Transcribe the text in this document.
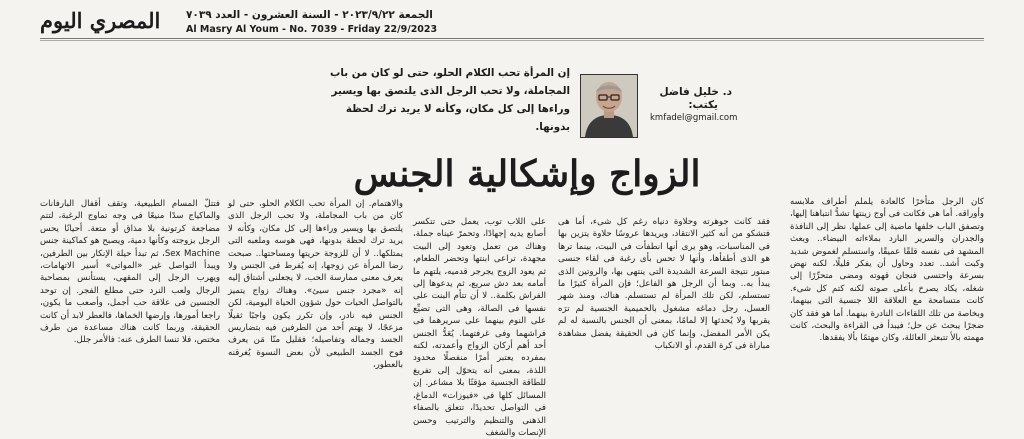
المصري اليوم	الجمعة ٢٠٢٣/٩/٢٢ - السنة العشرون - العدد ٧٠٣٩
Al Masry Al Youm - No. 7039 - Friday 22/9/2023
إن المرأة تحب الكلام الحلو، حتى لو كان من باب المجاملة، ولا تحب الرجل الذى يلتصق بها ويسير وراءها إلى كل مكان، وكأنه لا يريد ترك لحظة بدونها.
د. خليل فاضل
يكتب:
kmfadel@gmail.com
الزواج وإشكالية الجنس

كان الرجل متأخرًا كالعادة يلملم أطراف ملابسه وأوراقه. أما هى فكانت فى أوج زينتها تشدُّ انتباهنا إليها، وتصفق الباب خلفها ماضية إلى عملها. نظر إلى النافذة والجدران والسرير البارد بملاءاته البيضاء.. وبعث المشهد فى نفسه قلقًا عميقًا، واستسلم لغموض شديد وكبت أشد.. تعدد وحاول أن يفكر قليلًا، لكنه نهض بسرعة واحتسى فنجان قهوته ومضى متحرِّرًا إلى شغله، يكاد يصرخ بأعلى صوته لكنه كتم كل شىء. كانت متسامحة مع العلاقة اللا جنسية التى بينهما، وبخاصة من تلك اللقاءات النادرة بينهما. أما هو فقد كان ضجرًا يبحث عن حل؛ فيبدأ فى القراءة والبحث، كانت مهمته بالأ تتبعثر العائلة، وكان مهتمًا بألا يفقدها.

فقد كانت جوهرته وحلاوة دنياه رغم كل شىء، أما هى فتشكو من أنه كثير الانتقاد، ويريدها عروسًا حلاوة يتزين بها فى المناسبات، وهو يرى أنها انطفأت فى البيت، بينما ترها هو الذى أطفأها، وأنها لا تحس بأى رغبة فى لقاء جنسى مبتور نتيجة السرعة الشديدة التى ينتهى بها، والروتين الذى يبدأ به.. وبما أن الرجل هو الفاعل؛ فإن المرأة كثيرًا ما تستسلم، لكن تلك المرأة لم تستسلم. هناك، ومنذ شهر العسل، رجل دماغه مشغول بالحميمية الجنسية لم ترَه يقربها ولا يُحدثها إلا لمامًا، بمعنى أن الجنس بالنسبة له لم يكن الأمر المفضل، وإنما كان فى الحقيقة يفضل مشاهدة مباراة فى كرة القدم، أو الانكباب

على اللاب توب، يعمل حتى تتكسر أصابع يديه إجهادًا، وتحمرّ عيناه جملة، وهناك من تعمل وتعود إلى البيت مجهدة، تراعى ابنتها وتحضر الطعام، ثم يعود الزوج يجرجر قدميه، يلتهم ما أمامه بعد دش سريع، ثم يدعوها إلى الفراش بكلمة.. لا أن تتأم البنت على نفسها فى الصالة، وهى التى تضيِّع على النوم بينهما على سريرهما فى فراشهما وفى غرفتهما. يُعَدُّ الجنس أحد أهم أركان الزواج وأعمدته، لكنه بمفرده يعتبر أمرًا منفصلًا محدود اللذة، بمعنى أنه يتحوّل إلى تفريغ للطاقة الجنسية مؤقتًا بلا مشاعر. إن المسائل كلها فى «فيوزات» الدماغ، فى التواصل تحديدًا، تتعلق بالصفاء الذهنى والتنظيم والترتيب وحسن الإنصات والشغف

والاهتمام. إن المرأة تحب الكلام الحلو، حتى لو كان من باب المجاملة، ولا تحب الرجل الذى يلتصق بها ويسير وراءها إلى كل مكان، وكأنه لا يريد ترك لحظة بدونها، فهى هوسه وملعبه التى يمتلكها.. لا أن للزوجة حريتها ومساحتها.. صبحت رضا المرأة عن زوجها، إنه يُفرط فى الجنس ولا يعرف معنى ممارسة الحب، لا يجعلنى أشتاق إليه إنه «مجرد جنس سيئ». وهناك زواج يتميز بالتواصل الحيات حول شؤون الحياة اليومية، لكن الجنس فيه نادر، وإن تكرر يكون واجبًا ثقيلًا مزعجًا، لا يهتم أحد من الطرفين فيه بتضاريس الجسد وجماله وتفاصيله؛ فقليل منّا مَن يعرف فوح الجسد الطبيعى لأن بعض النسوة يُغرقنه بالعطور،

فتتلّ المسام الطبيعية، وتقف أقفال البارفانات والماكياج سدًا منيعًا فى وجه تماوج الرغبة، لتتم مضاجعة كرتونية بلا مذاق أو متعة. أحيانًا يحس الرجل بزوجته وكأنها دمية، ويصبح هو كماكينة جنس Sex Machine، ثم تبدأ حيلة الإنكار بين الطرفين، ويبدأ التواصل غير «المواتى» أسير الاتهامات، ويهرب الرجل إلى المقهى، يستأنس بمصاحبة الرجال ولعب النرد حتى مطلع الفجر. إن توحد الجنسين فى علاقة حب أجمل، وأصعب ما يكون، راجعا أمورها، وإرضها الخماها، فالعطر لابد أن كانت الحقيقة، وربما كانت هناك مساعدة من طرف مختص، فلا تنسا الطرف عنه: فالأمر جلل.
